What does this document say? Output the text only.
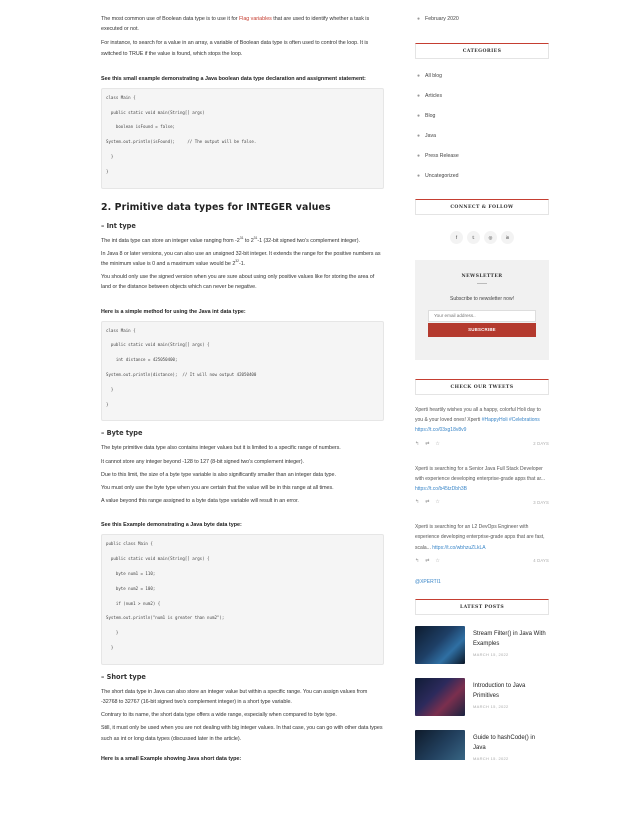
The most common use of Boolean data type is to use it for Flag variables that are used to identify whether a task is executed or not.

For instance, to search for a value in an array, a variable of Boolean data type is often used to control the loop. It is switched to TRUE if the value is found, which stops the loop.

See this small example demonstrating a Java boolean data type declaration and assignment statement:

class Main {
public static void main(String[] args)
boolean isFound = false;
System.out.println(isFound);     // The output will be false.
}
}
2. Primitive data types for INTEGER values
– Int type

The int data type can store an integer value ranging from $-2^{31}$ to $2^{31}-1$ (32-bit signed two’s complement integer).

In Java 8 or later versions, you can also use an unsigned 32-bit integer. It extends the range for the positive numbers as the minimum value is 0 and a maximum value would be $2^{32}-1$.

You should only use the signed version when you are sure about using only positive values like for storing the area of land or the distance between objects which can never be negative.

Here is a simple method for using the Java int data type:

class Main {
public static void main(String[] args) {
int distance = 425050400;
System.out.println(distance);  // It will now output 42050400
}
}
– Byte type

The byte primitive data type also contains integer values but it is limited to a specific range of numbers.

It cannot store any integer beyond -128 to 127 (8-bit signed two’s complement integer).

Due to this limit, the size of a byte type variable is also significantly smaller than an integer data type.

You must only use the byte type when you are certain that the value will be in this range at all times.

A value beyond this range assigned to a byte data type variable will result in an error.

See this Example demonstrating a Java byte data type:

public class Main {
public static void main(String[] args) {
byte num1 = 110;
byte num2 = 100;
if (num1 > num2) {
System.out.println("num1 is greater than num2");
}
}
– Short type

The short data type in Java can also store an integer value but within a specific range. You can assign values from -32768 to 32767 (16-bit signed two’s complement integer) in a short type variable.

Contrary to its name, the short data type offers a wide range, especially when compared to byte type.

Still, it must only be used when you are not dealing with big integer values. In that case, you can go with other data types such as int or long data types (discussed later in the article).

Here is a small Example showing Java short data type:

● February 2020
CATEGORIES
● All blog
● Articles
● Blog
● Java
● Press Release
● Uncategorized
CONNECT & FOLLOW
f	𝕥	◎	in
NEWSLETTER
Subscribe to newsletter now!
Your email address..
SUBSCRIBE
CHECK OUR TWEETS
Xperti heartily wishes you all a happy, colorful Holi day to you & your loved ones! Xperti #HappyHoli #Celebrations https://t.co/03xg18v8v9
↰ ⇄ ☆	2 DAYS
Xperti is searching for a Senior Java Full Stack Developer with experience developing enterprise-grade apps that ar... https://t.co/b45tzDbh3B
↰ ⇄ ☆	3 DAYS
Xperti is searching for an L2 DevOps Engineer with experience developing enterprise-grade apps that are fast, scala... https://t.co/wbhzuZLkLA
↰ ⇄ ☆	4 DAYS
@XPERTI1
LATEST POSTS
Stream Filter() in Java With Examples
MARCH 15, 2022
Introduction to Java Primitives
MARCH 15, 2022
Guide to hashCode() in Java
MARCH 15, 2022
